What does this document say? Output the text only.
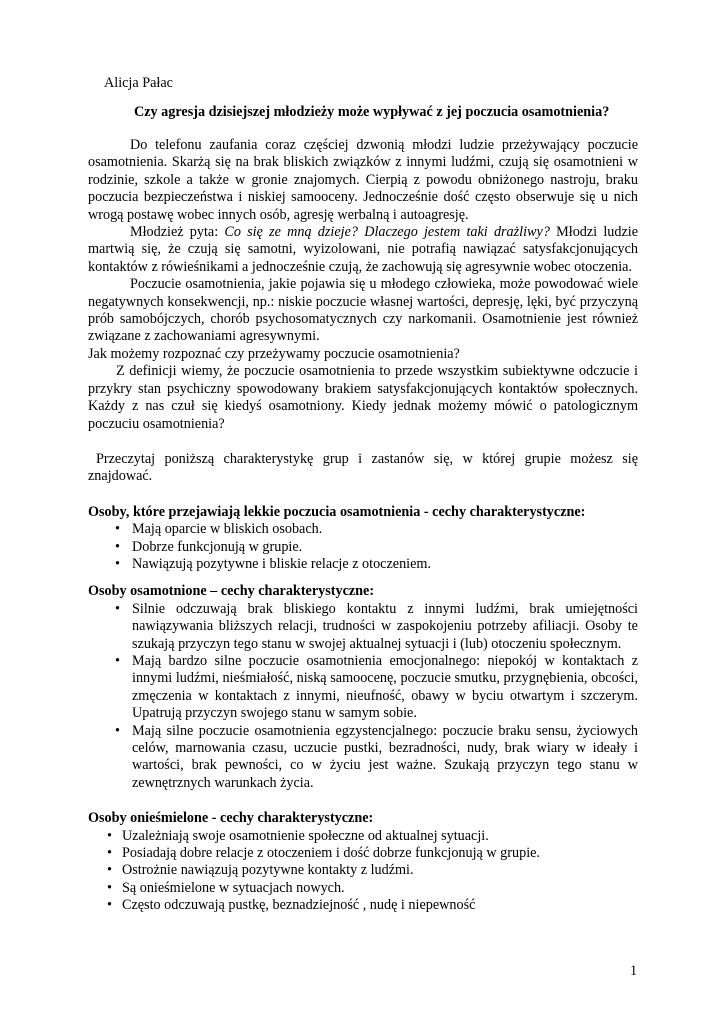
Alicja Pałac
Czy agresja dzisiejszej młodzieży może wypływać z jej poczucia osamotnienia?

Do telefonu zaufania coraz częściej dzwonią młodzi ludzie przeżywający poczucie osamotnienia. Skarżą się na brak bliskich związków z innymi ludźmi, czują się osamotnieni w rodzinie, szkole a także w gronie znajomych. Cierpią z powodu obniżonego nastroju, braku poczucia bezpieczeństwa i niskiej samooceny. Jednocześnie dość często obserwuje się u nich wrogą postawę wobec innych osób, agresję werbalną i autoagresję.

Młodzież pyta: Co się ze mną dzieje? Dlaczego jestem taki drażliwy? Młodzi ludzie martwią się, że czują się samotni, wyizolowani, nie potrafią nawiązać satysfakcjonujących kontaktów z rówieśnikami a jednocześnie czują, że zachowują się agresywnie wobec otoczenia.

Poczucie osamotnienia, jakie pojawia się u młodego człowieka, może powodować wiele negatywnych konsekwencji, np.: niskie poczucie własnej wartości, depresję, lęki, być przyczyną prób samobójczych, chorób psychosomatycznych czy narkomanii. Osamotnienie jest również związane z zachowaniami agresywnymi.

Jak możemy rozpoznać czy przeżywamy poczucie osamotnienia?

Z definicji wiemy, że poczucie osamotnienia to przede wszystkim subiektywne odczucie i przykry stan psychiczny spowodowany brakiem satysfakcjonujących kontaktów społecznych. Każdy z nas czuł się kiedyś osamotniony. Kiedy jednak możemy mówić o patologicznym poczuciu osamotnienia?

Przeczytaj poniższą charakterystykę grup i zastanów się, w której grupie możesz się znajdować.

Osoby, które przejawiają lekkie poczucia osamotnienia - cechy charakterystyczne:

• Mają oparcie w bliskich osobach.
• Dobrze funkcjonują w grupie.
• Nawiązują pozytywne i bliskie relacje z otoczeniem.

Osoby osamotnione – cechy charakterystyczne:

• Silnie odczuwają brak bliskiego kontaktu z innymi ludźmi, brak umiejętności nawiązywania bliższych relacji, trudności w zaspokojeniu potrzeby afiliacji. Osoby te szukają przyczyn tego stanu w swojej aktualnej sytuacji i (lub) otoczeniu społecznym.
• Mają bardzo silne poczucie osamotnienia emocjonalnego: niepokój w kontaktach z innymi ludźmi, nieśmiałość, niską samoocenę, poczucie smutku, przygnębienia, obcości, zmęczenia w kontaktach z innymi, nieufność, obawy w byciu otwartym i szczerym. Upatrują przyczyn swojego stanu w samym sobie.
• Mają silne poczucie osamotnienia egzystencjalnego: poczucie braku sensu, życiowych celów, marnowania czasu, uczucie pustki, bezradności, nudy, brak wiary w ideały i wartości, brak pewności, co w życiu jest ważne. Szukają przyczyn tego stanu w zewnętrznych warunkach życia.

Osoby onieśmielone - cechy charakterystyczne:

• Uzależniają swoje osamotnienie społeczne od aktualnej sytuacji.
• Posiadają dobre relacje z otoczeniem i dość dobrze funkcjonują w grupie.
• Ostrożnie nawiązują pozytywne kontakty z ludźmi.
• Są onieśmielone w sytuacjach nowych.
• Często odczuwają pustkę, beznadziejność , nudę i niepewność
1
